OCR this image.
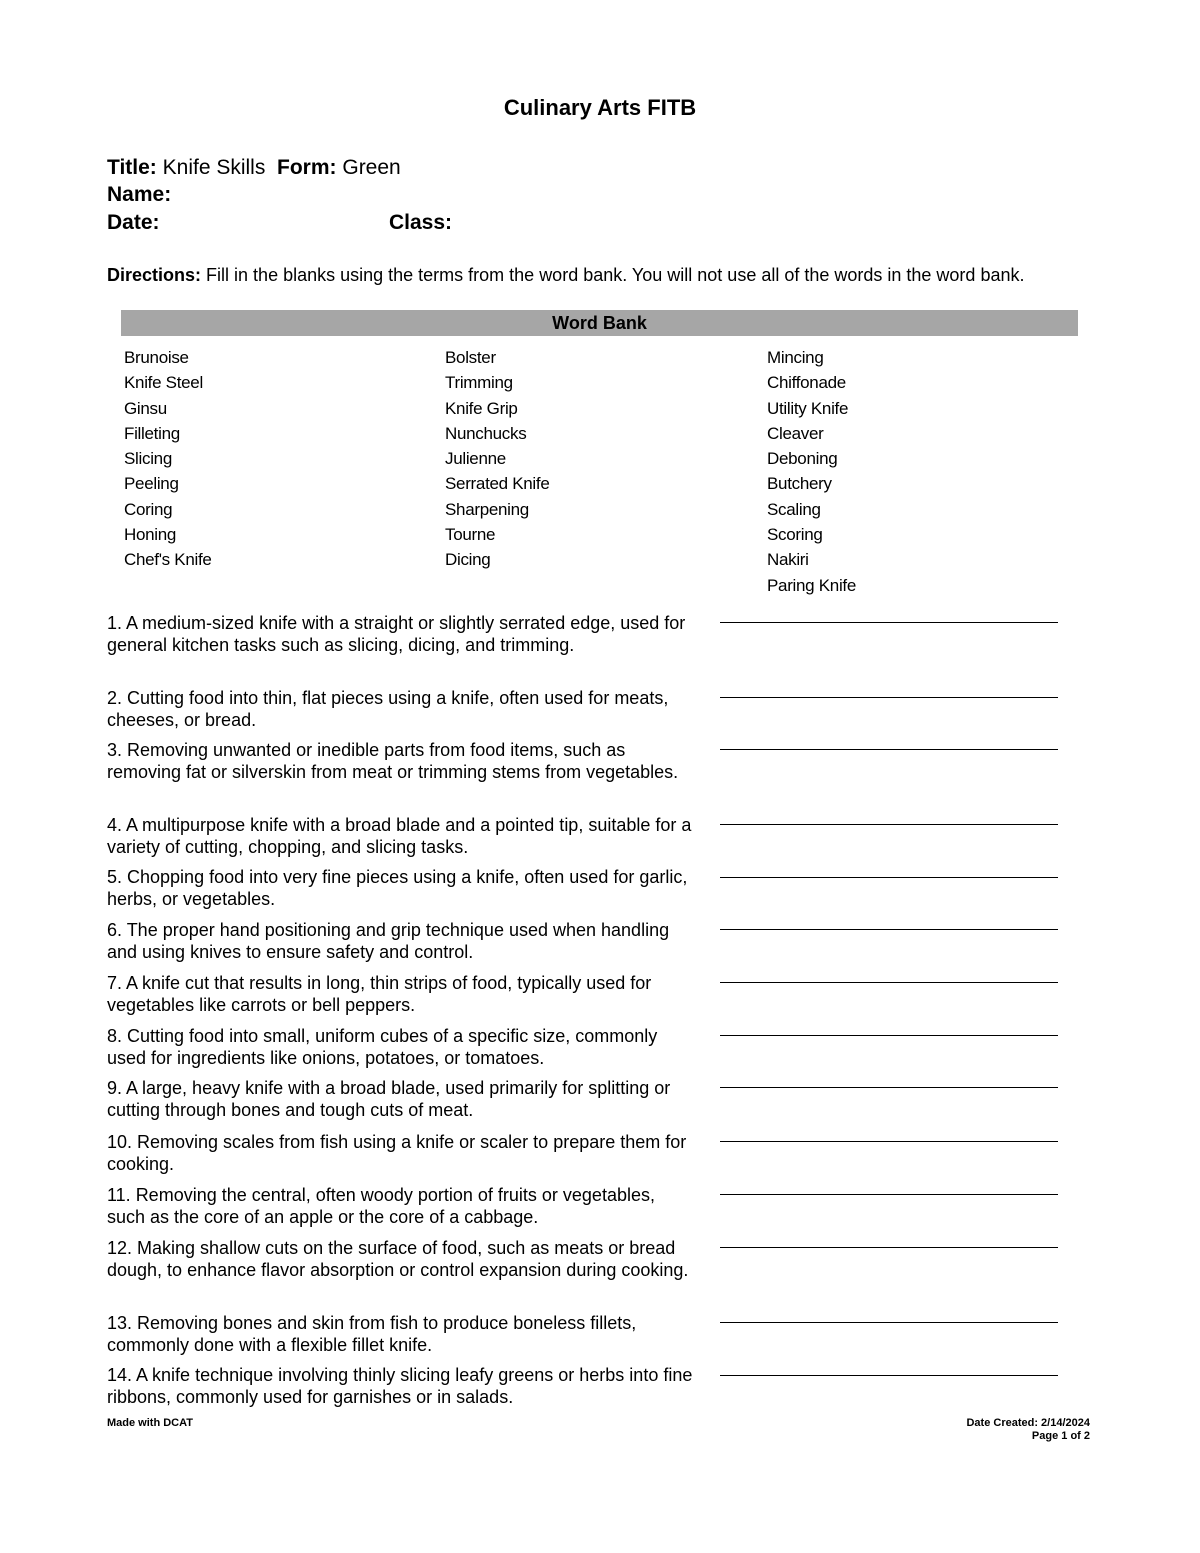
Culinary Arts FITB
Title: Knife Skills Form: Green
Name:
Date:	Class:
Directions: Fill in the blanks using the terms from the word bank. You will not use all of the words in the word bank.
Word Bank
Brunoise
Knife Steel
Ginsu
Filleting
Slicing
Peeling
Coring
Honing
Chef's Knife
Bolster
Trimming
Knife Grip
Nunchucks
Julienne
Serrated Knife
Sharpening
Tourne
Dicing
Mincing
Chiffonade
Utility Knife
Cleaver
Deboning
Butchery
Scaling
Scoring
Nakiri
Paring Knife
1. A medium-sized knife with a straight or slightly serrated edge, used for general kitchen tasks such as slicing, dicing, and trimming.
2. Cutting food into thin, flat pieces using a knife, often used for meats, cheeses, or bread.
3. Removing unwanted or inedible parts from food items, such as removing fat or silverskin from meat or trimming stems from vegetables.
4. A multipurpose knife with a broad blade and a pointed tip, suitable for a variety of cutting, chopping, and slicing tasks.
5. Chopping food into very fine pieces using a knife, often used for garlic, herbs, or vegetables.
6. The proper hand positioning and grip technique used when handling and using knives to ensure safety and control.
7. A knife cut that results in long, thin strips of food, typically used for vegetables like carrots or bell peppers.
8. Cutting food into small, uniform cubes of a specific size, commonly used for ingredients like onions, potatoes, or tomatoes.
9. A large, heavy knife with a broad blade, used primarily for splitting or cutting through bones and tough cuts of meat.
10. Removing scales from fish using a knife or scaler to prepare them for cooking.
11. Removing the central, often woody portion of fruits or vegetables, such as the core of an apple or the core of a cabbage.
12. Making shallow cuts on the surface of food, such as meats or bread dough, to enhance flavor absorption or control expansion during cooking.
13. Removing bones and skin from fish to produce boneless fillets, commonly done with a flexible fillet knife.
14. A knife technique involving thinly slicing leafy greens or herbs into fine ribbons, commonly used for garnishes or in salads.
Made with DCAT	Date Created: 2/14/2024
Page 1 of 2
